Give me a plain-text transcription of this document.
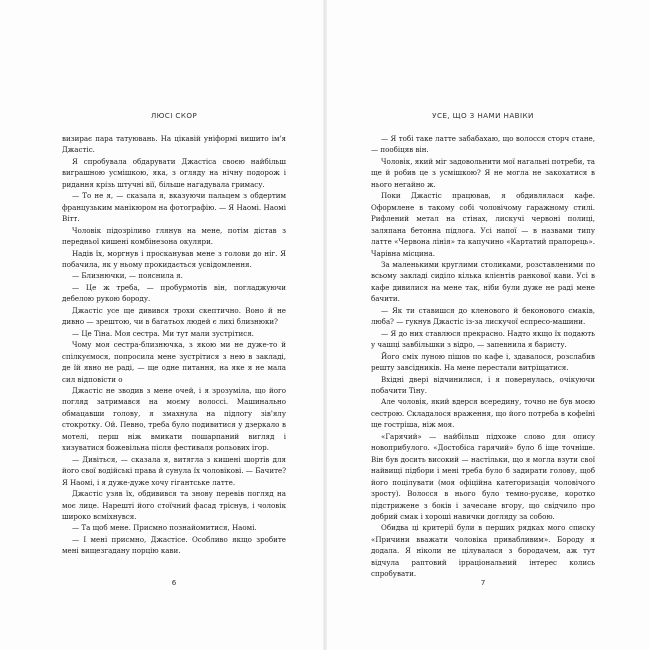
ЛЮСІ СКОР

визирає пара татуювань. На цікавій уніформі вишито ім'я Джастіс.

Я спробувала обдарувати Джастіса своєю найбільш виграшною усмішкою, яка, з огляду на нічну подорож і ридання крізь штучні вії, більше нагадувала гримасу.

— То не я, — сказала я, вказуючи пальцем з обдертим французьким манікюром на фотографію. — Я Наомі. Наомі Вітт.

Чоловік підозріливо глянув на мене, потім дістав з передньої кишені комбінезона окуляри.

Надів їх, моргнув і просканував мене з голови до ніг. Я побачила, як у ньому прокидається усвідомлення.

— Близнючки, — пояснила я.

— Це ж треба, — пробурмотів він, погладжуючи дебелою рукою бороду.

Джастіс усе ще дивився трохи скептично. Воно й не дивно — зрештою, чи в багатьох людей є лихі близнюки?

— Це Тіна. Моя сестра. Ми тут мали зустрітися.

Чому моя сестра-близнючка, з якою ми не дуже-то й спілкуємося, попросила мене зустрітися з нею в закладі, де їй явно не раді, — ще одне питання, на яке я не мала сил відповісти о

Джастіс не зводив з мене очей, і я зрозуміла, що його погляд затримався на моєму волоссі. Машинально обмацавши голову, я змахнула на підлогу зів'ялу стокротку. Ой. Певно, треба було подивитися у дзеркало в мотелі, перш ніж вмикати пошарпаний вигляд і хизуватися божевільна після фестиваля рольових ігор.

— Дивіться, — сказала я, витягла з кишені шортів для його свої водійські права й сунула їх чоловікові. — Бачите? Я Наомі, і я дуже-дуже хочу гігантське латте.

Джастіс узяв їх, обдивився та знову перевів погляд на моє лице. Нарешті його стоїчний фасад тріснув, і чоловік широко всміхнувся.

— Та щоб мене. Присмно познайомитися, Наомі.

— І мені присмно, Джастісе. Особливо якщо зробите мені вищезгадану порцію кави.

6
УСЕ, ЩО З НАМИ НАВІКИ

— Я тобі таке латте забабахаю, що волосся сторч стане, — пообіцяв він.

Чоловік, який міг задовольнити мої нагальні потреби, та ще й робив це з усмішкою? Я не могла не закохатися в нього негайно ж.

Поки Джастіс працював, я обдивлялася кафе. Оформлене в такому собі чоловічому гаражному стилі. Рифлений метал на стінах, лискучі червоні полиці, заляпана бетонна підлога. Усі напої — в назвами типу латте «Червона лінія» та капучино «Картатий прапорець». Чарівна місцина.

За маленькими круглими столиками, розставленими по всьому закладі сиділо кілька клієнтів ранкової кави. Усі в кафе дивилися на мене так, ніби були дуже не раді мене бачити.

— Як ти ставишся до кленового й беконового смаків, люба? — гукнув Джастіс із-за лискучої еспресо-машини.

— Я до них ставлюся прекрасно. Надто якщо їх подають у чашці завбільшки з відро, — запевнила я баристу.

Його сміх луною пішов по кафе і, здавалося, розслабив решту завсідників. На мене перестали витріщатися.

Вхідні двері відчинилися, і я повернулась, очікуючи побачити Тіну.

Але чоловік, який вдерся всередину, точно не був моєю сестрою. Складалося враження, що його потреба в кофеїні ще гостріша, ніж моя.

«Гарячий» — найбільш підхоже слово для опису новоприбулого. «Достобіса гарячий» було б іще точніше. Він був досить високий — настільки, що я могла взути свої найвищі підбори і мені треба було б задирати голову, щоб його поцілувати (моя офіційна категоризація чоловічого зросту). Волосся в нього було темно-русяве, коротко підстрижене з боків і зачесане вгору, що свідчило про добрий смак і хороші навички догляду за собою.

Обидва ці критерії були в перших рядках мого списку «Причини вважати чоловіка привабливим». Бороду я додала. Я ніколи не цілувалася з бородачем, аж тут відчула раптовий ірраціональний інтерес колись спробувати.

7
